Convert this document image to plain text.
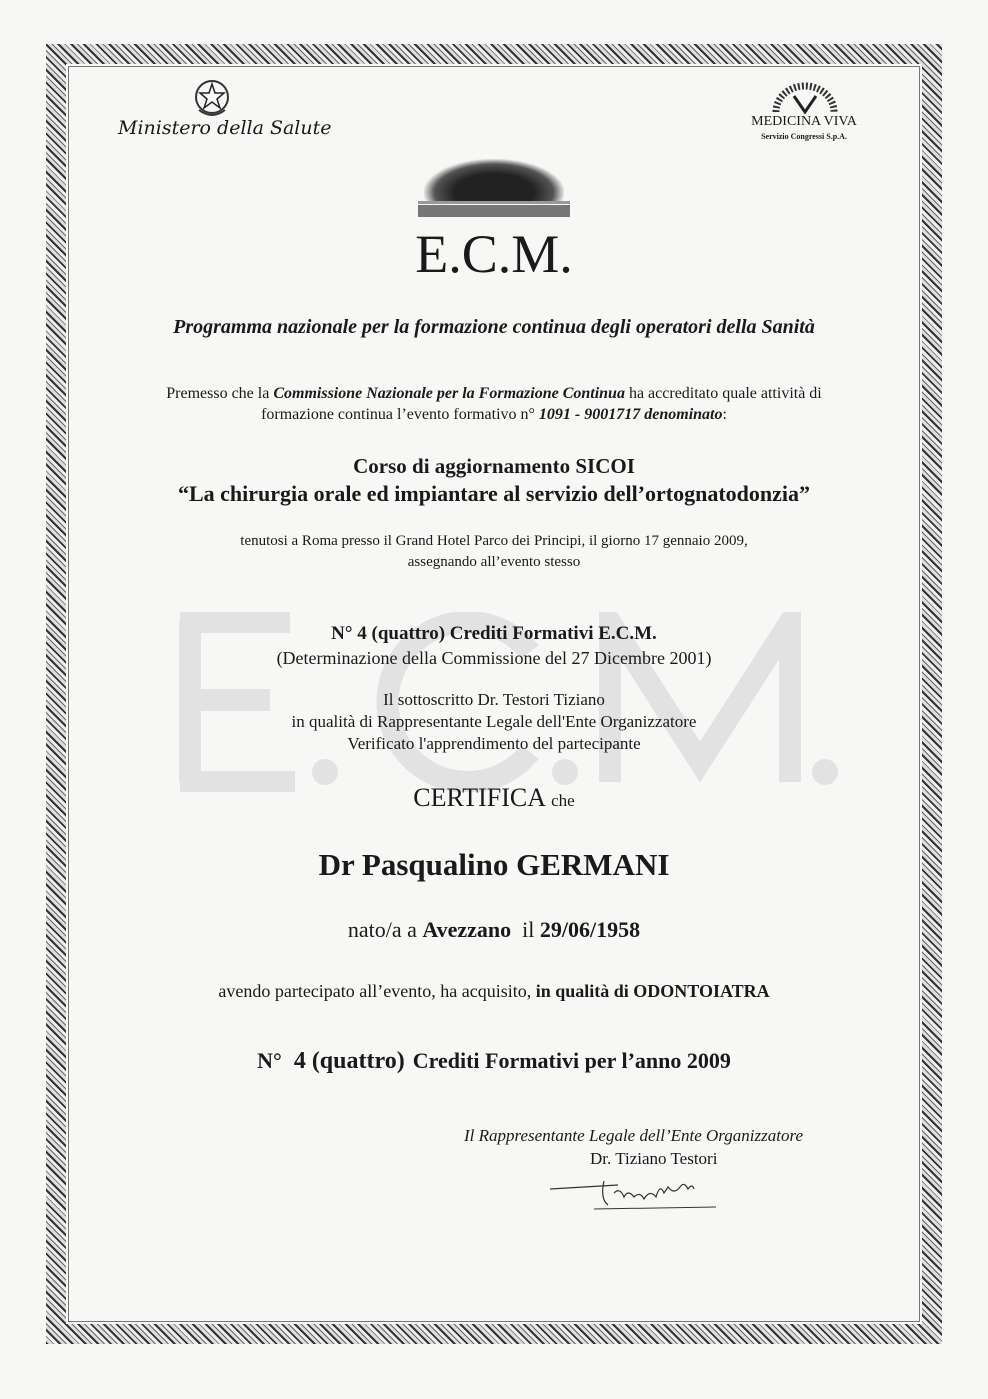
Ministero della Salute	MEDICINA VIVA
Servizio Congressi S.p.A.
E.C.M.
Programma nazionale per la formazione continua degli operatori della Sanità
Premesso che la Commissione Nazionale per la Formazione Continua ha accreditato quale attività di
formazione continua l’evento formativo n° 1091 - 9001717 denominato:
Corso di aggiornamento SICOI
“La chirurgia orale ed impiantare al servizio dell’ortognatodonzia”
tenutosi a Roma presso il Grand Hotel Parco dei Principi, il giorno 17 gennaio 2009,
assegnando all’evento stesso
N° 4 (quattro) Crediti Formativi E.C.M.
(Determinazione della Commissione del 27 Dicembre 2001)
Il sottoscritto Dr. Testori Tiziano
in qualità di Rappresentante Legale dell'Ente Organizzatore
Verificato l'apprendimento del partecipante
CERTIFICA che
Dr Pasqualino GERMANI
nato/a a Avezzano  il 29/06/1958
avendo partecipato all’evento, ha acquisito, in qualità di ODONTOIATRA
N° 4 (quattro) Crediti Formativi per l’anno 2009
Il Rappresentante Legale dell’Ente Organizzatore
Dr. Tiziano Testori
